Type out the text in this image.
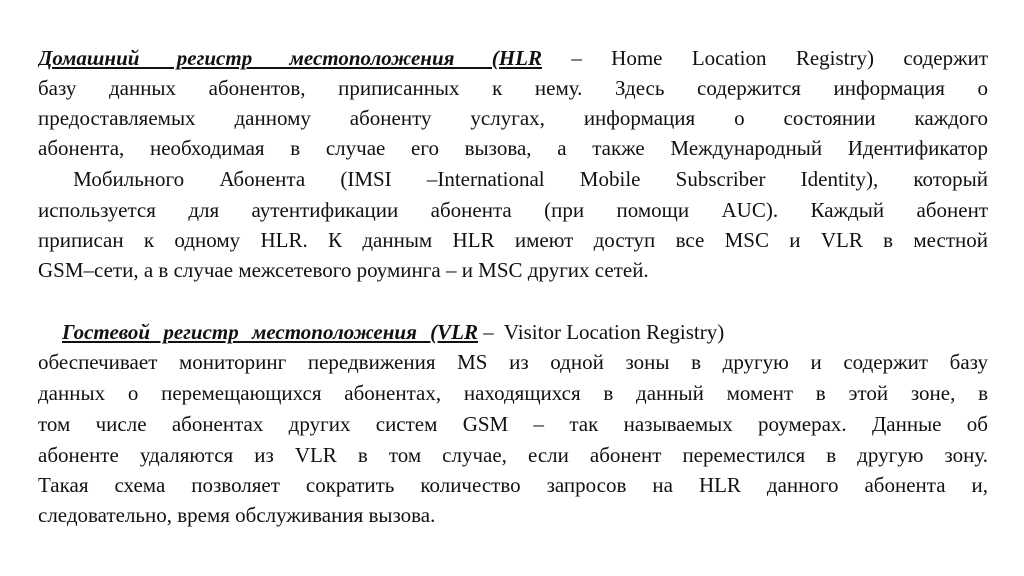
Домашний регистр местоположения (HLR – Home Location Registry) содержит
базу данных абонентов, приписанных к нему. Здесь содержится информация о
предоставляемых данному абоненту услугах, информация о состоянии каждого
абонента, необходимая в случае его вызова, а также Международный Идентификатор
Мобильного Абонента (IMSI –International Mobile Subscriber Identity), который
используется для аутентификации абонента (при помощи AUC). Каждый абонент
приписан к одному HLR. К данным HLR имеют доступ все MSC и VLR в местной
GSM–сети, а в случае межсетевого роуминга – и MSC других сетей.
Гостевой регистр местоположения (VLR –  Visitor Location Registry)
обеспечивает мониторинг передвижения MS из одной зоны в другую и содержит базу
данных о перемещающихся абонентах, находящихся в данный момент в этой зоне, в
том числе абонентах других систем GSM – так называемых роумерах. Данные об
абоненте удаляются из VLR в том случае, если абонент переместился в другую зону.
Такая схема позволяет сократить количество запросов на HLR данного абонента и,
следовательно, время обслуживания вызова.
